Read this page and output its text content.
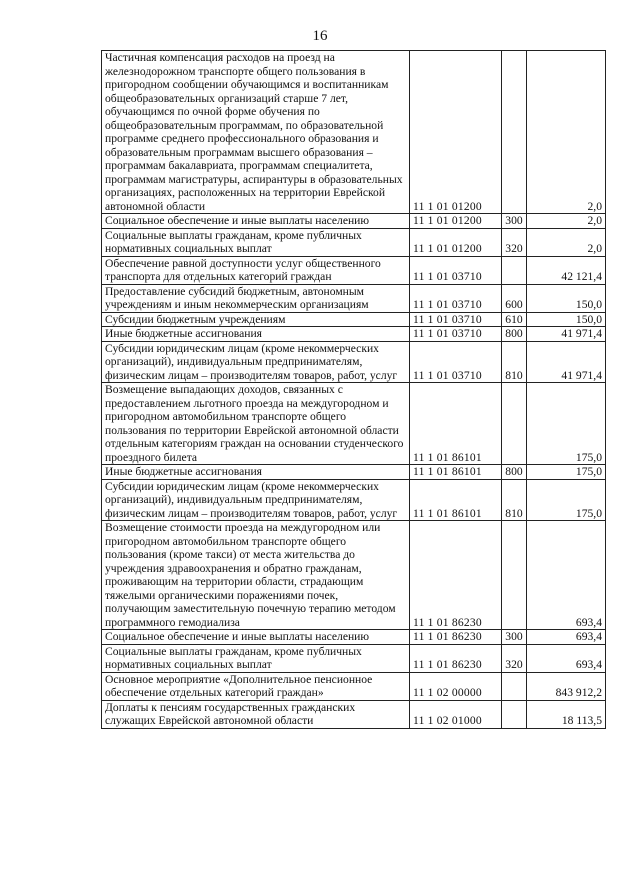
16
Частичная компенсация расходов на проезд на железнодорожном транспорте общего пользования в пригородном сообщении обучающимся и воспитанникам общеобразовательных организаций старше 7 лет, обучающимся по очной форме обучения по общеобразовательным программам, по образовательной программе среднего профессионального образования и образовательным программам высшего образования – программам бакалавриата, программам специалитета, программам магистратуры, аспирантуры в образовательных организациях, расположенных на территории Еврейской автономной области	11 1 01 01200		2,0
Социальное обеспечение и иные выплаты населению	11 1 01 01200	300	2,0
Социальные выплаты гражданам, кроме публичных нормативных социальных выплат	11 1 01 01200	320	2,0
Обеспечение равной доступности услуг общественного транспорта для отдельных категорий граждан	11 1 01 03710		42 121,4
Предоставление субсидий бюджетным, автономным учреждениям и иным некоммерческим организациям	11 1 01 03710	600	150,0
Субсидии бюджетным учреждениям	11 1 01 03710	610	150,0
Иные бюджетные ассигнования	11 1 01 03710	800	41 971,4
Субсидии юридическим лицам (кроме некоммерческих организаций), индивидуальным предпринимателям, физическим лицам – производителям товаров, работ, услуг	11 1 01 03710	810	41 971,4
Возмещение выпадающих доходов, связанных с предоставлением льготного проезда на междугородном и пригородном автомобильном транспорте общего пользования по территории Еврейской автономной области отдельным категориям граждан на основании студенческого проездного билета	11 1 01 86101		175,0
Иные бюджетные ассигнования	11 1 01 86101	800	175,0
Субсидии юридическим лицам (кроме некоммерческих организаций), индивидуальным предпринимателям, физическим лицам – производителям товаров, работ, услуг	11 1 01 86101	810	175,0
Возмещение стоимости проезда на междугородном или пригородном автомобильном транспорте общего пользования (кроме такси) от места жительства до учреждения здравоохранения и обратно гражданам, проживающим на территории области, страдающим тяжелыми органическими поражениями почек, получающим заместительную почечную терапию методом программного гемодиализа	11 1 01 86230		693,4
Социальное обеспечение и иные выплаты населению	11 1 01 86230	300	693,4
Социальные выплаты гражданам, кроме публичных нормативных социальных выплат	11 1 01 86230	320	693,4
Основное мероприятие «Дополнительное пенсионное обеспечение отдельных категорий граждан»	11 1 02 00000		843 912,2
Доплаты к пенсиям государственных гражданских служащих Еврейской автономной области	11 1 02 01000		18 113,5
